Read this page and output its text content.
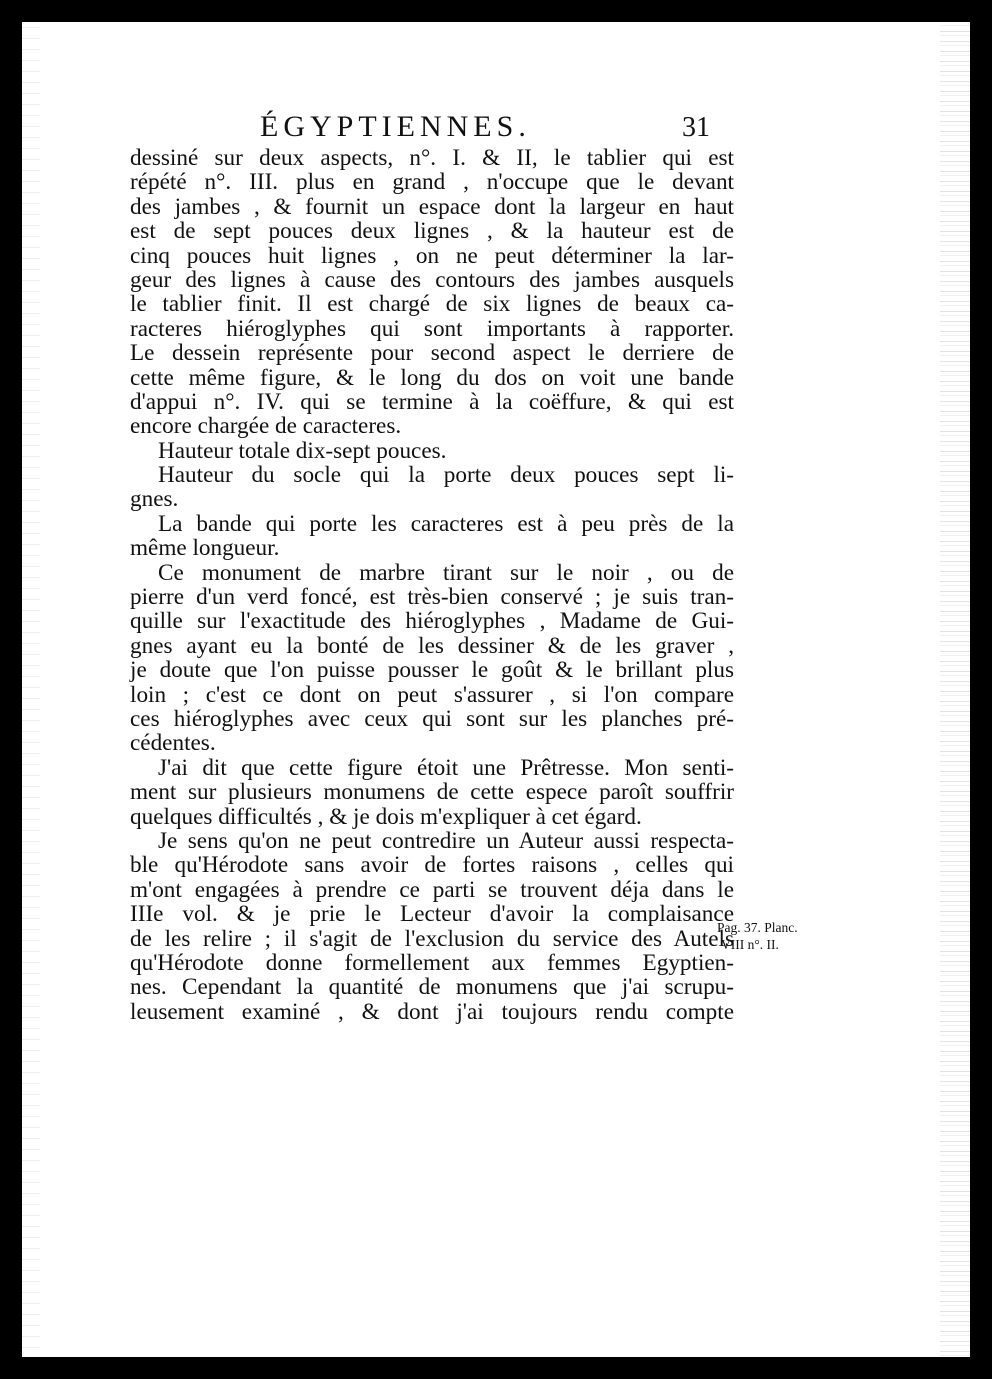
ÉGYPTIENNES.	31
dessiné sur deux aspects, n°. I. & II, le tablier qui est
répété n°. III. plus en grand , n'occupe que le devant
des jambes , & fournit un espace dont la largeur en haut
est de sept pouces deux lignes , & la hauteur est de
cinq pouces huit lignes , on ne peut déterminer la lar-
geur des lignes à cause des contours des jambes ausquels
le tablier finit. Il est chargé de six lignes de beaux ca-
racteres hiéroglyphes qui sont importants à rapporter.
Le dessein représente pour second aspect le derriere de
cette même figure, & le long du dos on voit une bande
d'appui n°. IV. qui se termine à la coëffure, & qui est
encore chargée de caracteres.
Hauteur totale dix-sept pouces.
Hauteur du socle qui la porte deux pouces sept li-
gnes.
La bande qui porte les caracteres est à peu près de la
même longueur.
Ce monument de marbre tirant sur le noir , ou de
pierre d'un verd foncé, est très-bien conservé ; je suis tran-
quille sur l'exactitude des hiéroglyphes , Madame de Gui-
gnes ayant eu la bonté de les dessiner & de les graver ,
je doute que l'on puisse pousser le goût & le brillant plus
loin ; c'est ce dont on peut s'assurer , si l'on compare
ces hiéroglyphes avec ceux qui sont sur les planches pré-
cédentes.
J'ai dit que cette figure étoit une Prêtresse. Mon senti-
ment sur plusieurs monumens de cette espece paroît souffrir
quelques difficultés , & je dois m'expliquer à cet égard.
Je sens qu'on ne peut contredire un Auteur aussi respecta-
ble qu'Hérodote sans avoir de fortes raisons , celles qui
m'ont engagées à prendre ce parti se trouvent déja dans le
IIIe vol. & je prie le Lecteur d'avoir la complaisance
de les relire ; il s'agit de l'exclusion du service des Autels
qu'Hérodote donne formellement aux femmes Egyptien-
nes. Cependant la quantité de monumens que j'ai scrupu-
leusement examiné , & dont j'ai toujours rendu compte
Pag. 37. Planc.
VIII n°. II.
